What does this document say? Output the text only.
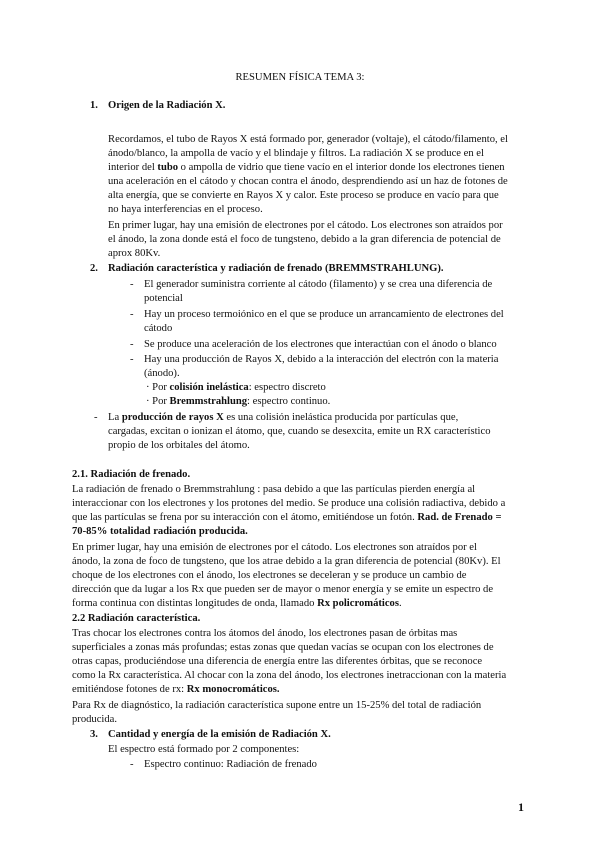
RESUMEN FÍSICA TEMA 3:
1. Origen de la Radiación X.
Recordamos, el tubo de Rayos X está formado por, generador (voltaje), el cátodo/filamento, el
ánodo/blanco, la ampolla de vacío y el blindaje y filtros. La radiación X se produce en el
interior del tubo o ampolla de vidrio que tiene vacío en el interior donde los electrones tienen
una aceleración en el cátodo y chocan contra el ánodo, desprendiendo así un haz de fotones de
alta energía, que se convierte en Rayos X y calor. Este proceso se produce en vacío para que
no haya interferencias en el proceso.
En primer lugar, hay una emisión de electrones por el cátodo. Los electrones son atraídos por
el ánodo, la zona donde está el foco de tungsteno, debido a la gran diferencia de potencial de
aprox 80Kv.
2. Radiación característica y radiación de frenado (BREMMSTRAHLUNG).
- El generador suministra corriente al cátodo (filamento) y se crea una diferencia de
potencial
- Hay un proceso termoiónico en el que se produce un arrancamiento de electrones del
cátodo
- Se produce una aceleración de los electrones que interactúan con el ánodo o blanco
- Hay una producción de Rayos X, debido a la interacción del electrón con la materia
(ánodo).
· Por colisión inelástica: espectro discreto
· Por Bremmstrahlung: espectro continuo.
- La producción de rayos X es una colisión inelástica producida por partículas que,
cargadas, excitan o ionizan el átomo, que, cuando se desexcita, emite un RX característico
propio de los orbitales del átomo.
2.1. Radiación de frenado.
La radiación de frenado o Bremmstrahlung : pasa debido a que las partículas pierden energía al
interaccionar con los electrones y los protones del medio. Se produce una colisión radiactiva, debido a
que las partículas se frena por su interacción con el átomo, emitiéndose un fotón. Rad. de Frenado =
70-85% totalidad radiación producida.
En primer lugar, hay una emisión de electrones por el cátodo. Los electrones son atraídos por el
ánodo, la zona de foco de tungsteno, que los atrae debido a la gran diferencia de potencial (80Kv). El
choque de los electrones con el ánodo, los electrones se deceleran y se produce un cambio de
dirección que da lugar a los Rx que pueden ser de mayor o menor energía y se emite un espectro de
forma continua con distintas longitudes de onda, llamado Rx policromáticos.
2.2 Radiación característica.
Tras chocar los electrones contra los átomos del ánodo, los electrones pasan de órbitas mas
superficiales a zonas más profundas; estas zonas que quedan vacías se ocupan con los electrones de
otras capas, produciéndose una diferencia de energía entre las diferentes órbitas, que se reconoce
como la Rx característica. Al chocar con la zona del ánodo, los electrones inetraccionan con la materia
emitiéndose fotones de rx: Rx monocromáticos.
Para Rx de diagnóstico, la radiación característica supone entre un 15-25% del total de radiación
producida.
3. Cantidad y energía de la emisión de Radiación X.
El espectro está formado por 2 componentes:
- Espectro continuo: Radiación de frenado
1
